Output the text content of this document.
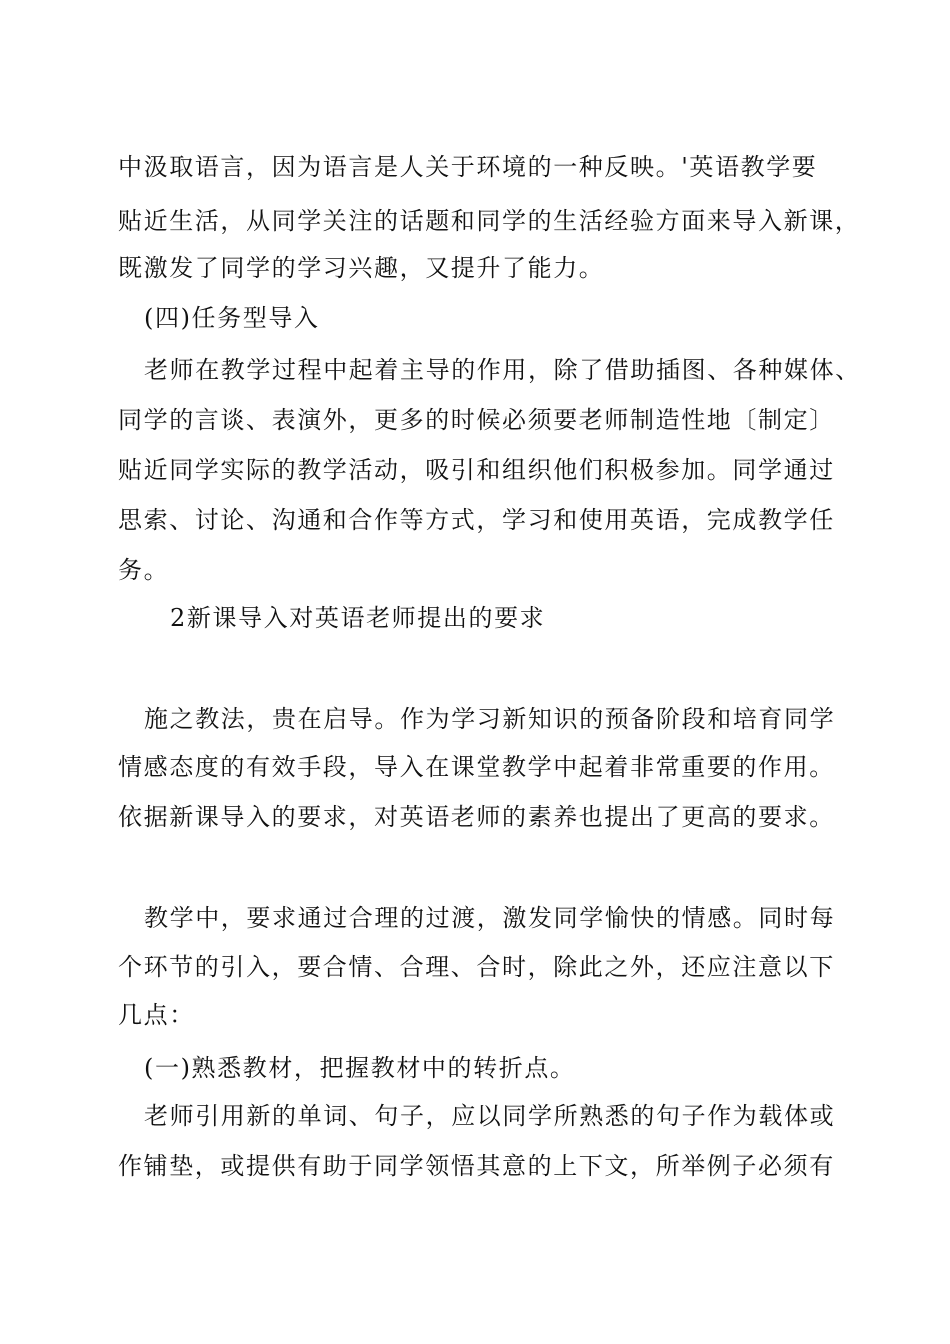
中汲取语言，因为语言是人关于环境的一种反映。'英语教学要
贴近生活，从同学关注的话题和同学的生活经验方面来导入新课，
既激发了同学的学习兴趣，又提升了能力。
(四)任务型导入
老师在教学过程中起着主导的作用，除了借助插图、各种媒体、
同学的言谈、表演外，更多的时候必须要老师制造性地〔制定〕
贴近同学实际的教学活动，吸引和组织他们积极参加。同学通过
思索、讨论、沟通和合作等方式，学习和使用英语，完成教学任
务。
2新课导入对英语老师提出的要求
施之教法，贵在启导。作为学习新知识的预备阶段和培育同学
情感态度的有效手段，导入在课堂教学中起着非常重要的作用。
依据新课导入的要求，对英语老师的素养也提出了更高的要求。
教学中，要求通过合理的过渡，激发同学愉快的情感。同时每
个环节的引入，要合情、合理、合时，除此之外，还应注意以下
几点：
(一)熟悉教材，把握教材中的转折点。
老师引用新的单词、句子，应以同学所熟悉的句子作为载体或
作铺垫，或提供有助于同学领悟其意的上下文，所举例子必须有
